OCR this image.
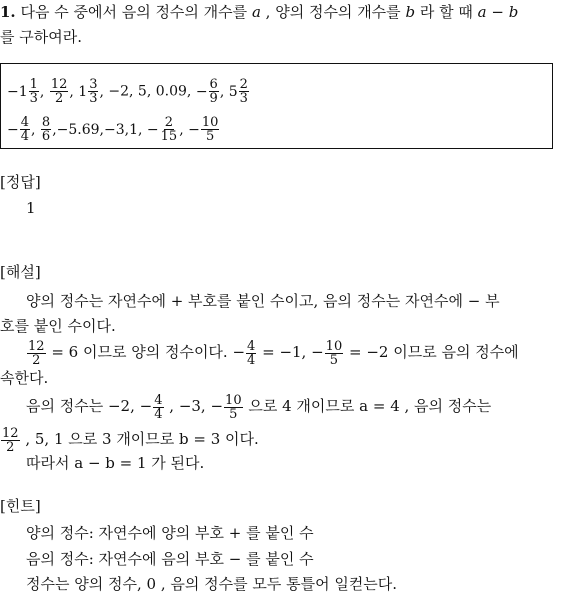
1. 다음 수 중에서 음의 정수의 개수를 a , 양의 정수의 개수를 b 라 할 때 a − b
를 구하여라.
$-1 \frac{1}{3}$ , $\frac{12}{2}$ , $1 \frac{3}{3}$ , −2, 5, 0.09, − $\frac{6}{9}$ , $5 \frac{2}{3}$
− $\frac{4}{4}$ , $\frac{8}{6} ,-5.69,-3,1$, − $\frac{2}{15}$ , − $\frac{10}{5}$
[정답]
1
[해설]
양의 정수는 자연수에 + 부호를 붙인 수이고, 음의 정수는 자연수에 − 부
호를 붙인 수이다.
$\frac{12}{2} = 6$ 이므로 양의 정수이다. − $\frac{4}{4} = -1$, − $\frac{10}{5} = -2$ 이므로 음의 정수에
속한다.
음의 정수는 −2, − $\frac{4}{4}$ , −3, − $\frac{10}{5}$ 으로 4 개이므로 a = 4 , 음의 정수는
$\frac{12}{2}$ , 5, 1 으로 3 개이므로 b = 3 이다.
따라서 a − b = 1 가 된다.
[힌트]
양의 정수: 자연수에 양의 부호 + 를 붙인 수
음의 정수: 자연수에 음의 부호 − 를 붙인 수
정수는 양의 정수, 0 , 음의 정수를 모두 통틀어 일컫는다.
